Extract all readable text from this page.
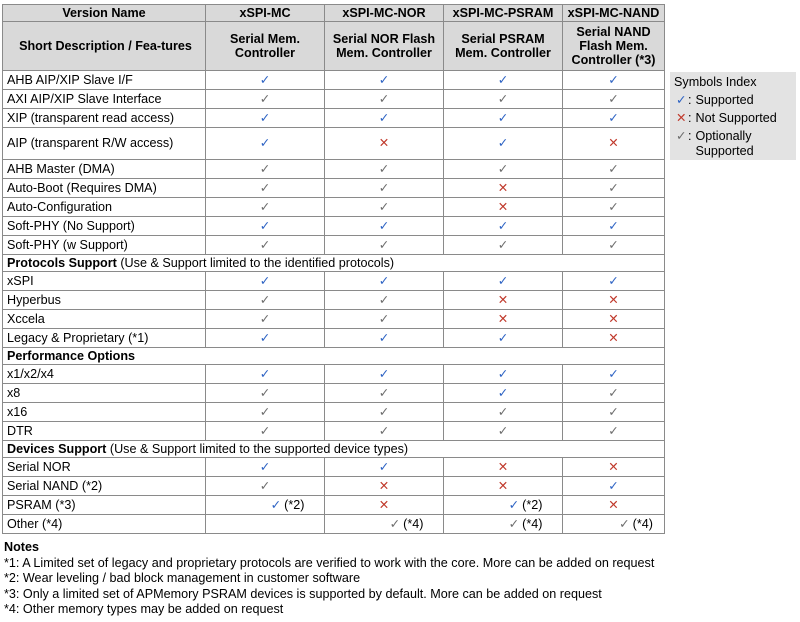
Version Name	xSPI-MC	xSPI-MC-NOR	xSPI-MC-PSRAM	xSPI-MC-NAND
Short Description / Fea-tures	Serial Mem. Controller	Serial NOR Flash Mem. Controller	Serial PSRAM Mem. Controller	Serial NAND Flash Mem. Controller (*3)
AHB AIP/XIP Slave I/F	✓	✓	✓	✓
AXI AIP/XIP Slave Interface	✓	✓	✓	✓
XIP (transparent read access)	✓	✓	✓	✓
AIP (transparent R/W access)	✓	✕	✓	✕
AHB Master (DMA)	✓	✓	✓	✓
Auto-Boot (Requires DMA)	✓	✓	✕	✓
Auto-Configuration	✓	✓	✕	✓
Soft-PHY (No Support)	✓	✓	✓	✓
Soft-PHY (w Support)	✓	✓	✓	✓
Protocols Support (Use & Support limited to the identified protocols)				
xSPI	✓	✓	✓	✓
Hyperbus	✓	✓	✕	✕
Xccela	✓	✓	✕	✕
Legacy & Proprietary (*1)	✓	✓	✓	✕
Performance Options				
x1/x2/x4	✓	✓	✓	✓
x8	✓	✓	✓	✓
x16	✓	✓	✓	✓
DTR	✓	✓	✓	✓
Devices Support (Use & Support limited to the supported device types)				
Serial NOR	✓	✓	✕	✕
Serial NAND (*2)	✓	✕	✕	✓
PSRAM (*3)	✓ (*2)	✕	✓ (*2)	✕
Other (*4)		✓ (*4)	✓ (*4)	✓ (*4)
Symbols Index
✓: Supported
✕: Not Supported
✓: Optionally Supported
Notes
*1: A Limited set of legacy and proprietary protocols are verified to work with the core. More can be added on request
*2: Wear leveling / bad block management in customer software
*3: Only a limited set of APMemory PSRAM devices is supported by default. More can be added on request
*4: Other memory types may be added on request
